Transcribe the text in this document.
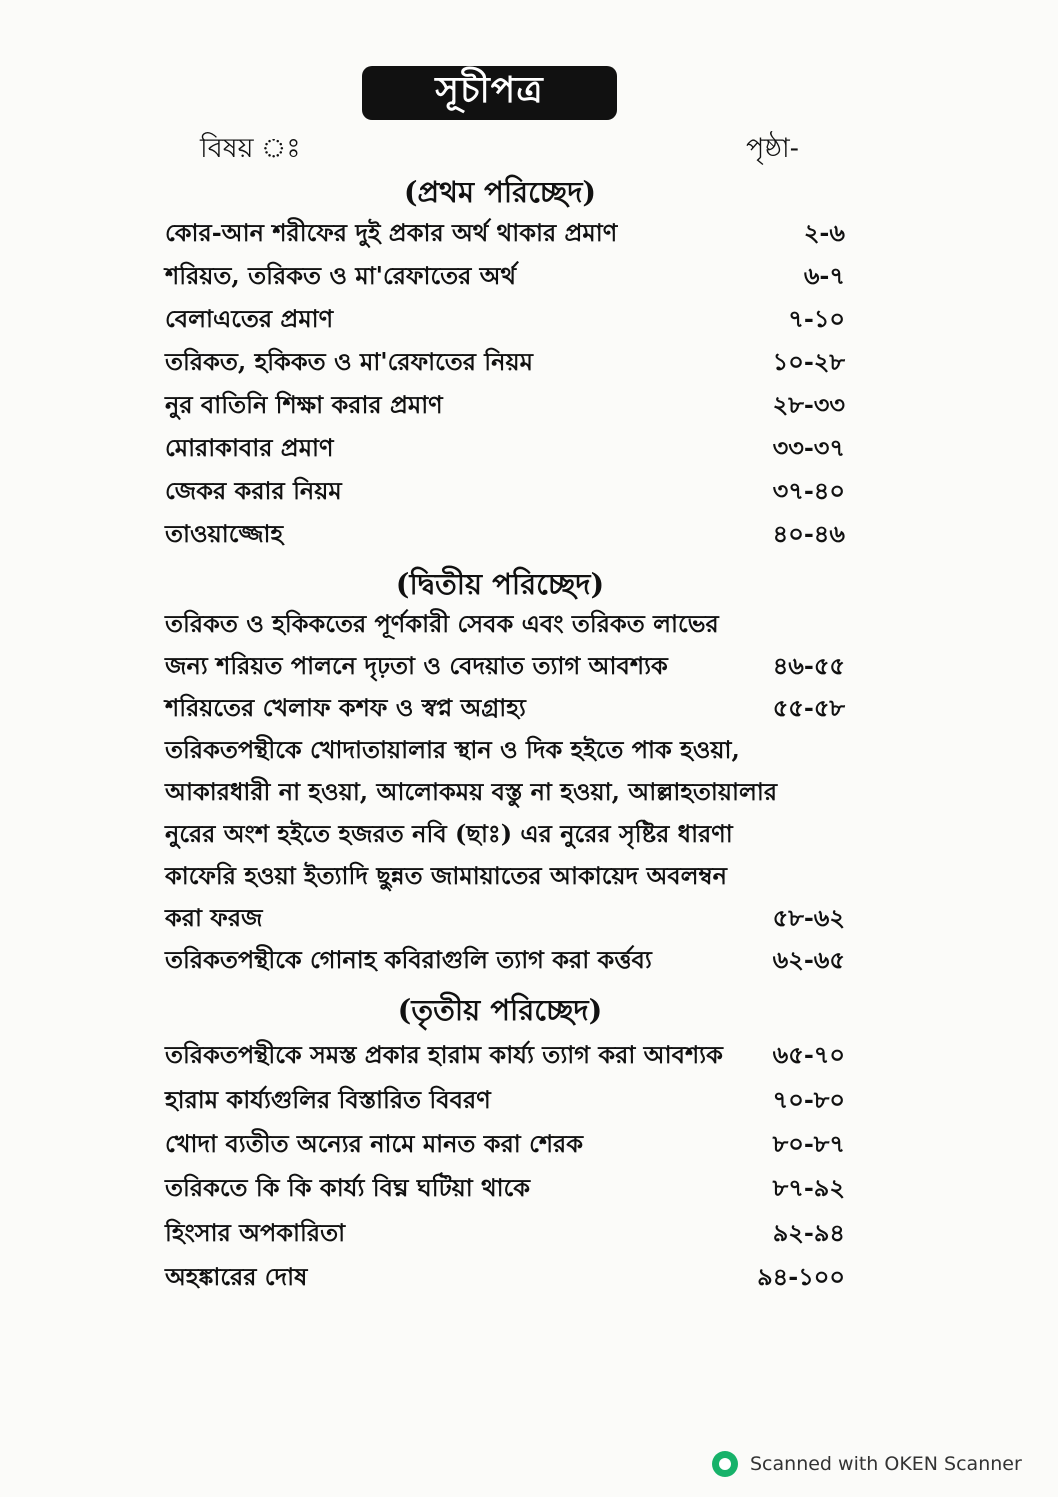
সূচীপত্র
বিষয় ঃ	পৃষ্ঠা-
(প্রথম পরিচ্ছেদ)
কোর-আন শরীফের দুই প্রকার অর্থ থাকার প্রমাণ	২-৬
শরিয়ত, তরিকত ও মা'রেফাতের অর্থ	৬-৭
বেলাএতের প্রমাণ	৭-১০
তরিকত, হকিকত ও মা'রেফাতের নিয়ম	১০-২৮
নুর বাতিনি শিক্ষা করার প্রমাণ	২৮-৩৩
মোরাকাবার প্রমাণ	৩৩-৩৭
জেকর করার নিয়ম	৩৭-৪০
তাওয়াজ্জোহ	৪০-৪৬
(দ্বিতীয় পরিচ্ছেদ)
তরিকত ও হকিকতের পূর্ণকারী সেবক এবং তরিকত লাভের
জন্য শরিয়ত পালনে দৃঢ়তা ও বেদয়াত ত্যাগ আবশ্যক	৪৬-৫৫
শরিয়তের খেলাফ কশফ ও স্বপ্ন অগ্রাহ্য	৫৫-৫৮
তরিকতপন্থীকে খোদাতায়ালার স্থান ও দিক হইতে পাক হওয়া,
আকারধারী না হওয়া, আলোকময় বস্তু না হওয়া, আল্লাহতায়ালার
নুরের অংশ হইতে হজরত নবি (ছাঃ) এর নুরের সৃষ্টির ধারণা
কাফেরি হওয়া ইত্যাদি ছুন্নত জামায়াতের আকায়েদ অবলম্বন
করা ফরজ	৫৮-৬২
তরিকতপন্থীকে গোনাহ কবিরাগুলি ত্যাগ করা কর্ত্তব্য	৬২-৬৫
(তৃতীয় পরিচ্ছেদ)
তরিকতপন্থীকে সমস্ত প্রকার হারাম কার্য্য ত্যাগ করা আবশ্যক ৬৫-৭০
হারাম কার্য্যগুলির বিস্তারিত বিবরণ	৭০-৮০
খোদা ব্যতীত অন্যের নামে মানত করা শেরক	৮০-৮৭
তরিকতে কি কি কার্য্য বিঘ্ন ঘটিয়া থাকে	৮৭-৯২
হিংসার অপকারিতা	৯২-৯৪
অহঙ্কারের দোষ	৯৪-১০০
Scanned with OKEN Scanner
